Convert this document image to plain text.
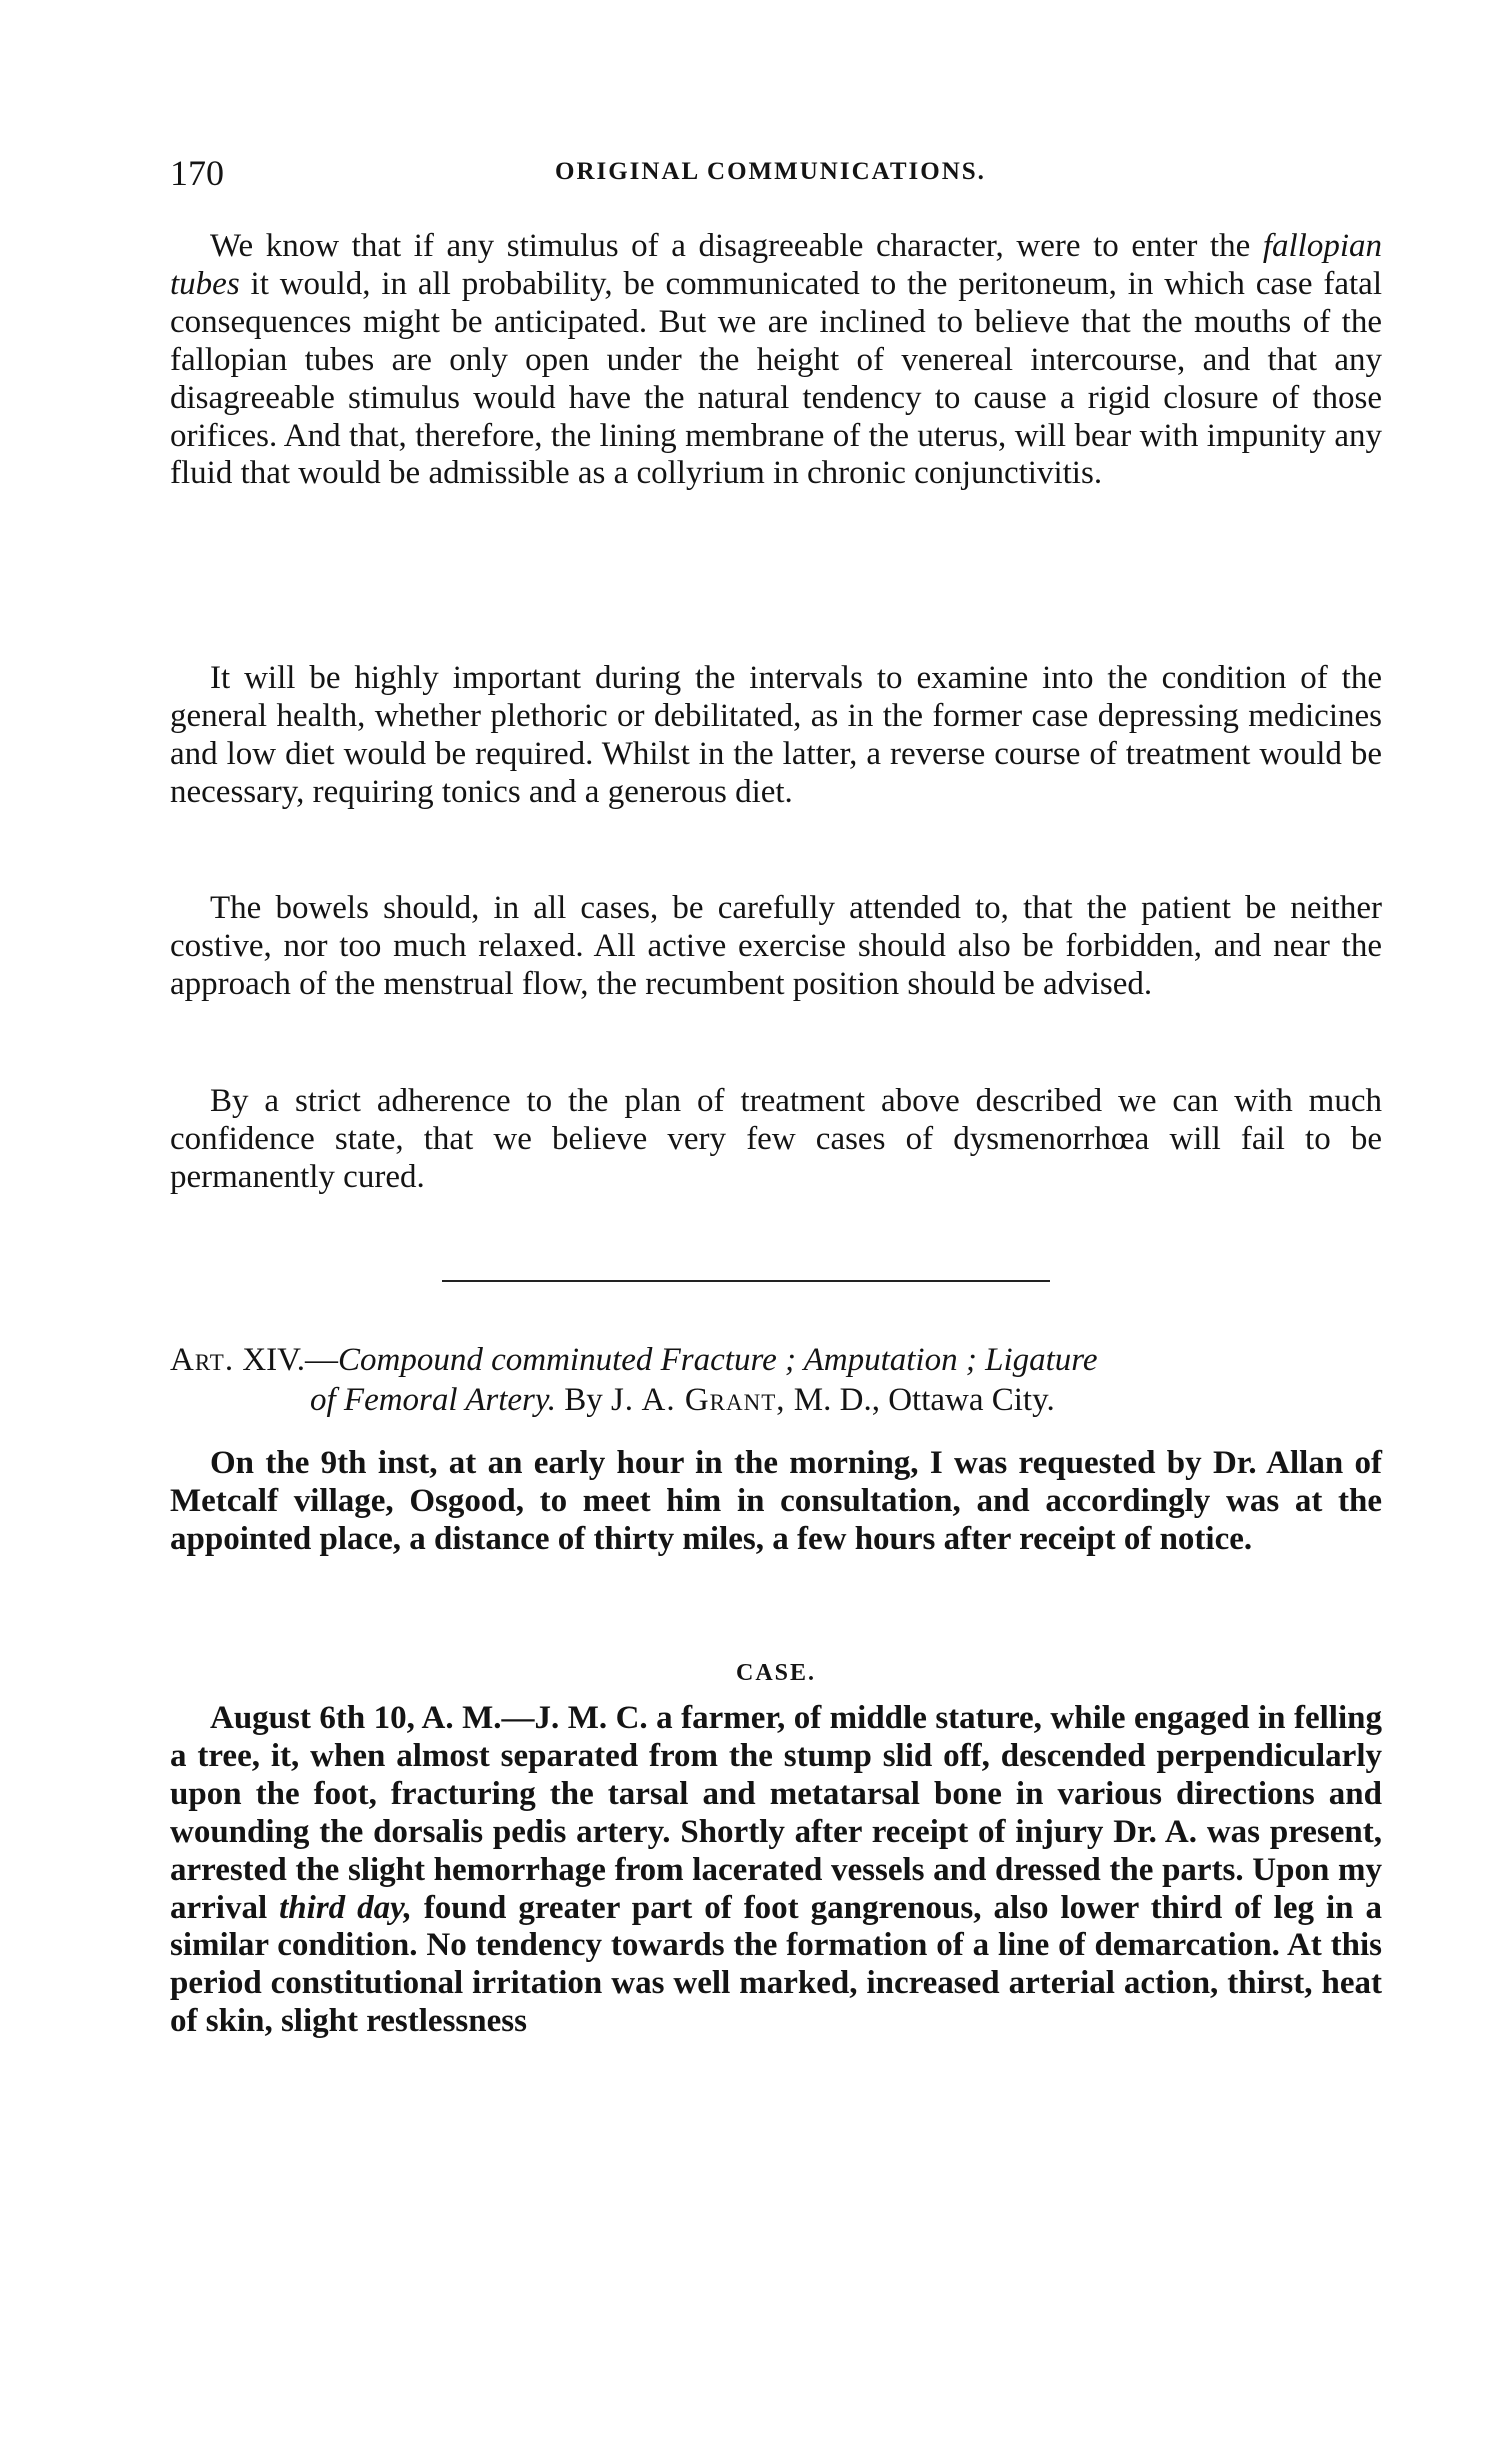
170	ORIGINAL COMMUNICATIONS.

We know that if any stimulus of a disagreeable character, were to enter the fallopian tubes it would, in all probability, be communicated to the peritoneum, in which case fatal consequences might be anticipated. But we are inclined to believe that the mouths of the fallopian tubes are only open under the height of venereal intercourse, and that any disagreeable stimulus would have the natural tendency to cause a rigid closure of those orifices. And that, therefore, the lining membrane of the uterus, will bear with impunity any fluid that would be admissible as a collyrium in chronic conjunctivitis.

It will be highly important during the intervals to examine into the condition of the general health, whether plethoric or debilitated, as in the former case depressing medicines and low diet would be required. Whilst in the latter, a reverse course of treatment would be necessary, requiring tonics and a generous diet.

The bowels should, in all cases, be carefully attended to, that the patient be neither costive, nor too much relaxed. All active exercise should also be forbidden, and near the approach of the menstrual flow, the recumbent position should be advised.

By a strict adherence to the plan of treatment above described we can with much confidence state, that we believe very few cases of dysmenorrhœa will fail to be permanently cured.

Art. XIV.—Compound comminuted Fracture ; Amputation ; Ligature
of Femoral Artery. By J. A. Grant, M. D., Ottawa City.

On the 9th inst, at an early hour in the morning, I was requested by Dr. Allan of Metcalf village, Osgood, to meet him in consultation, and accordingly was at the appointed place, a distance of thirty miles, a few hours after receipt of notice.

CASE.

August 6th 10, A. M.—J. M. C. a farmer, of middle stature, while engaged in felling a tree, it, when almost separated from the stump slid off, descended perpendicularly upon the foot, fracturing the tarsal and metatarsal bone in various directions and wounding the dorsalis pedis artery. Shortly after receipt of injury Dr. A. was present, arrested the slight hemorrhage from lacerated vessels and dressed the parts. Upon my arrival third day, found greater part of foot gangrenous, also lower third of leg in a similar condition. No tendency towards the formation of a line of demarcation. At this period constitutional irritation was well marked, increased arterial action, thirst, heat of skin, slight restlessness
